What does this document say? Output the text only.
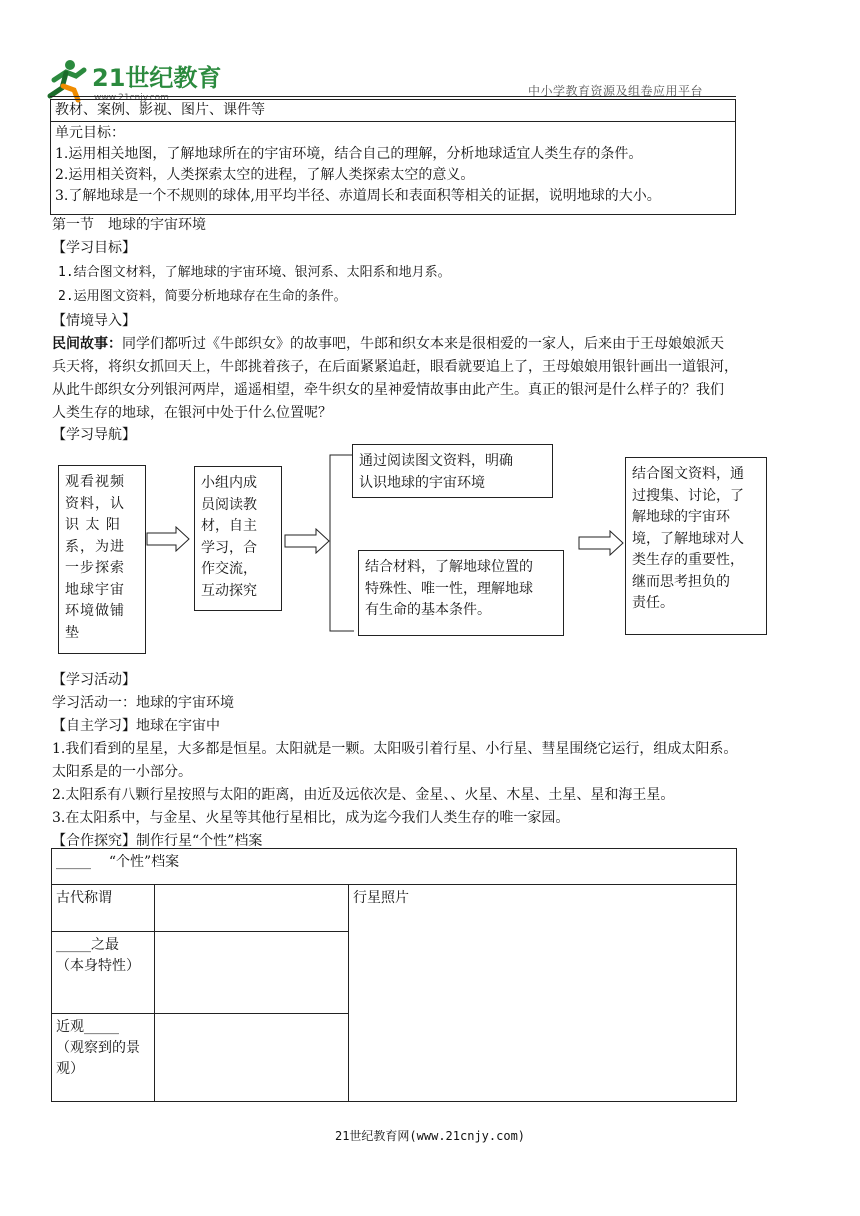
21世纪教育
www.21cnjy.com	中小学教育资源及组卷应用平台
教材、案例、影视、图片、课件等
单元目标：
1.运用相关地图，了解地球所在的宇宙环境，结合自己的理解，分析地球适宜人类生存的条件。
2.运用相关资料，人类探索太空的进程，了解人类探索太空的意义。
3.了解地球是一个不规则的球体,用平均半径、赤道周长和表面积等相关的证据，说明地球的大小。
第一节　地球的宇宙环境
【学习目标】
1.结合图文材料，了解地球的宇宙环境、银河系、太阳系和地月系。
2.运用图文资料，简要分析地球存在生命的条件。
【情境导入】
民间故事：同学们都听过《牛郎织女》的故事吧，牛郎和织女本来是很相爱的一家人，后来由于王母娘娘派天
兵天将，将织女抓回天上，牛郎挑着孩子，在后面紧紧追赶，眼看就要追上了，王母娘娘用银针画出一道银河，
从此牛郎织女分列银河两岸，遥遥相望，牵牛织女的星神爱情故事由此产生。真正的银河是什么样子的？我们
人类生存的地球，在银河中处于什么位置呢？
【学习导航】
观看视频
资料，认
识 太 阳
系，为进
一步探索
地球宇宙
环境做铺
垫
小组内成
员阅读教
材，自主
学习，合
作交流，
互动探究
通过阅读图文资料，明确
认识地球的宇宙环境
结合材料，了解地球位置的
特殊性、唯一性，理解地球
有生命的基本条件。
结合图文资料，通
过搜集、讨论，了
解地球的宇宙环
境，了解地球对人
类生存的重要性，
继而思考担负的
责任。
【学习活动】
学习活动一：地球的宇宙环境
【自主学习】地球在宇宙中
1.我们看到的星星，大多都是恒星。太阳就是一颗。太阳吸引着行星、小行星、彗星围绕它运行，组成太阳系。
太阳系是的一小部分。
2.太阳系有八颗行星按照与太阳的距离，由近及远依次是、金星、、火星、木星、土星、星和海王星。
3.在太阳系中，与金星、火星等其他行星相比，成为迄今我们人类生存的唯一家园。
【合作探究】制作行星“个性”档案
_____ “个性”档案		
古代称谓		行星照片

_____之最
（本身特性）		

近观_____
（观察到的景
观）		

21世纪教育网(www.21cnjy.com)
